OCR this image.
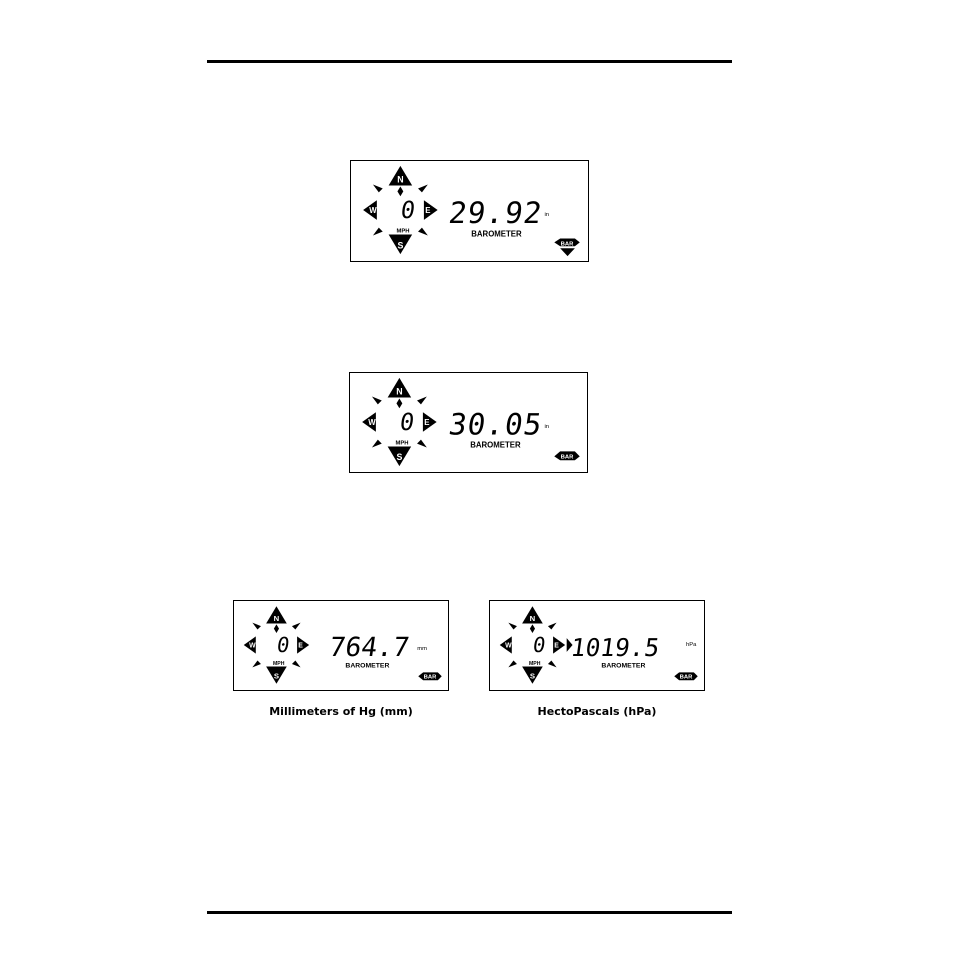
N
S
W	E
0
MPH
29.92 in
BAROMETER
BAR
N
S
W	E
0
MPH
30.05 in
BAROMETER
BAR
N
S
W	E
0
MPH
764.7 mm
BAROMETER
BAR
Millimeters of Hg (mm)
N
S
W	E
0
MPH
1019.5	hPa
BAROMETER
BAR
HectoPascals (hPa)
